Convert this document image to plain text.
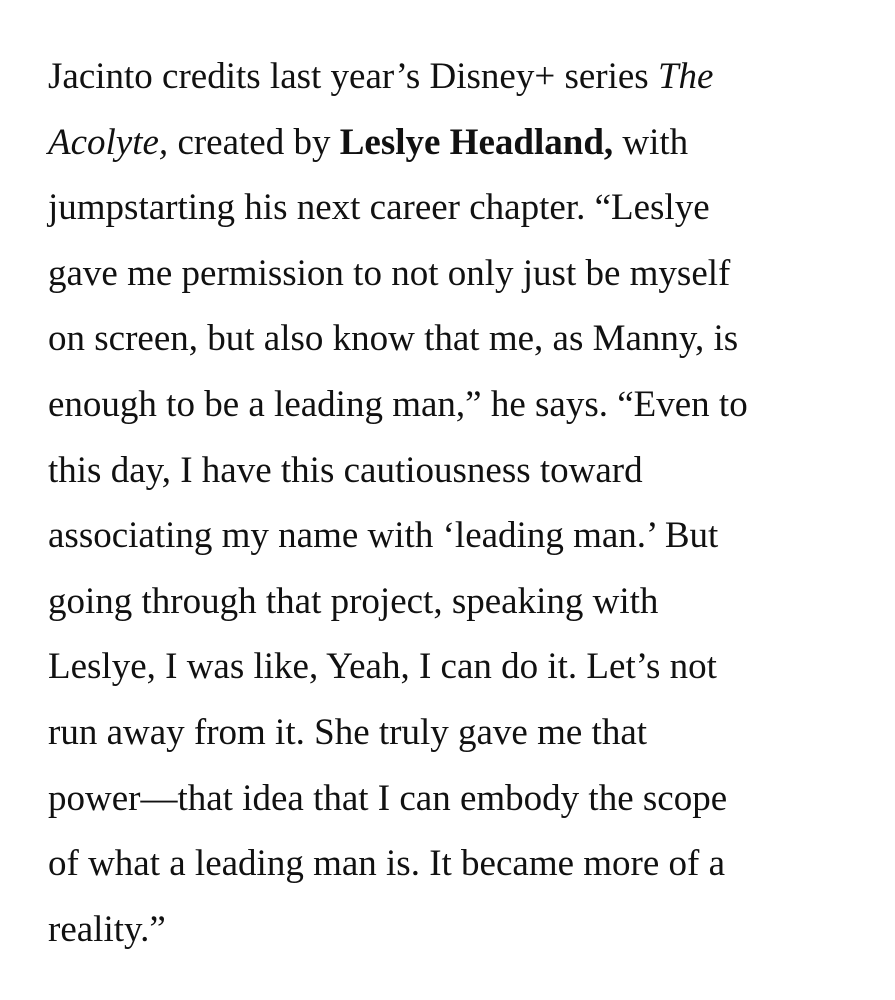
Jacinto credits last year’s Disney+ series The
Acolyte, created by Leslye Headland, with
jumpstarting his next career chapter. “Leslye
gave me permission to not only just be myself
on screen, but also know that me, as Manny, is
enough to be a leading man,” he says. “Even to
this day, I have this cautiousness toward
associating my name with ‘leading man.’ But
going through that project, speaking with
Leslye, I was like, Yeah, I can do it. Let’s not
run away from it. She truly gave me that
power—that idea that I can embody the scope
of what a leading man is. It became more of a
reality.”
